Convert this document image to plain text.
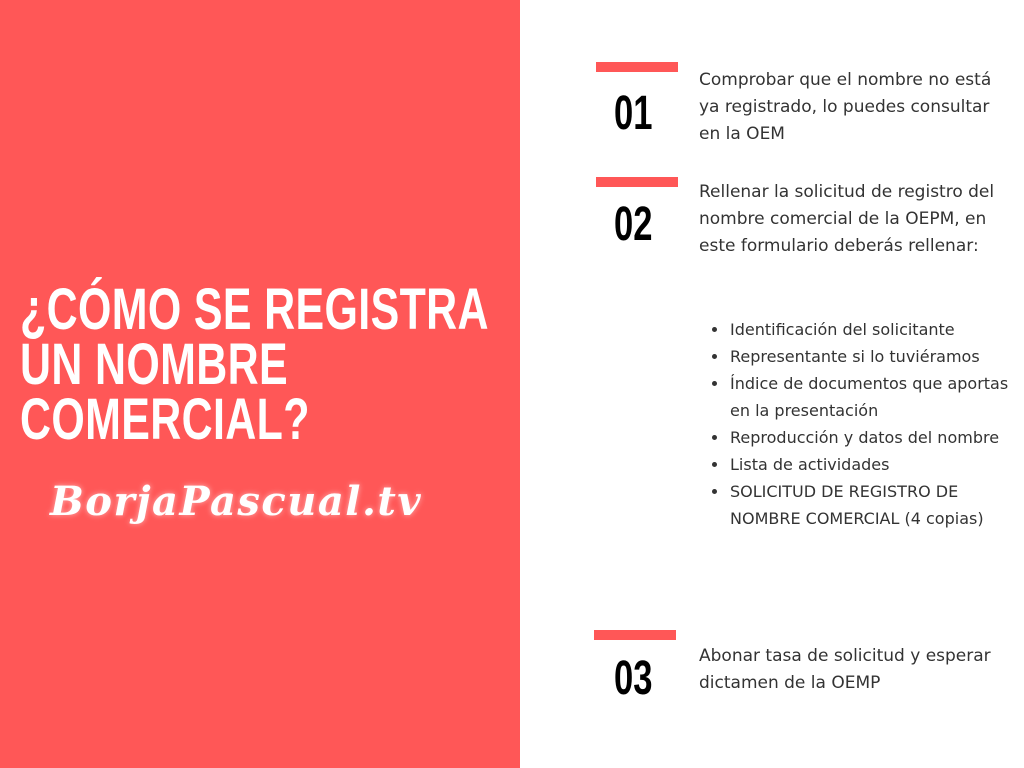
¿CÓMO SE REGISTRA
UN NOMBRE
COMERCIAL?
BorjaPascual.tv
01

Comprobar que el nombre no está ya registrado, lo puedes consultar en la OEM

02

Rellenar la solicitud de registro del nombre comercial de la OEPM, en este formulario deberás rellenar:

Identificación del solicitante
Representante si lo tuviéramos
Índice de documentos que aportas en la presentación
Reproducción y datos del nombre
Lista de actividades
SOLICITUD DE REGISTRO DE NOMBRE COMERCIAL (4 copias)
03	Abonar tasa de solicitud y esperar dictamen de la OEMP
